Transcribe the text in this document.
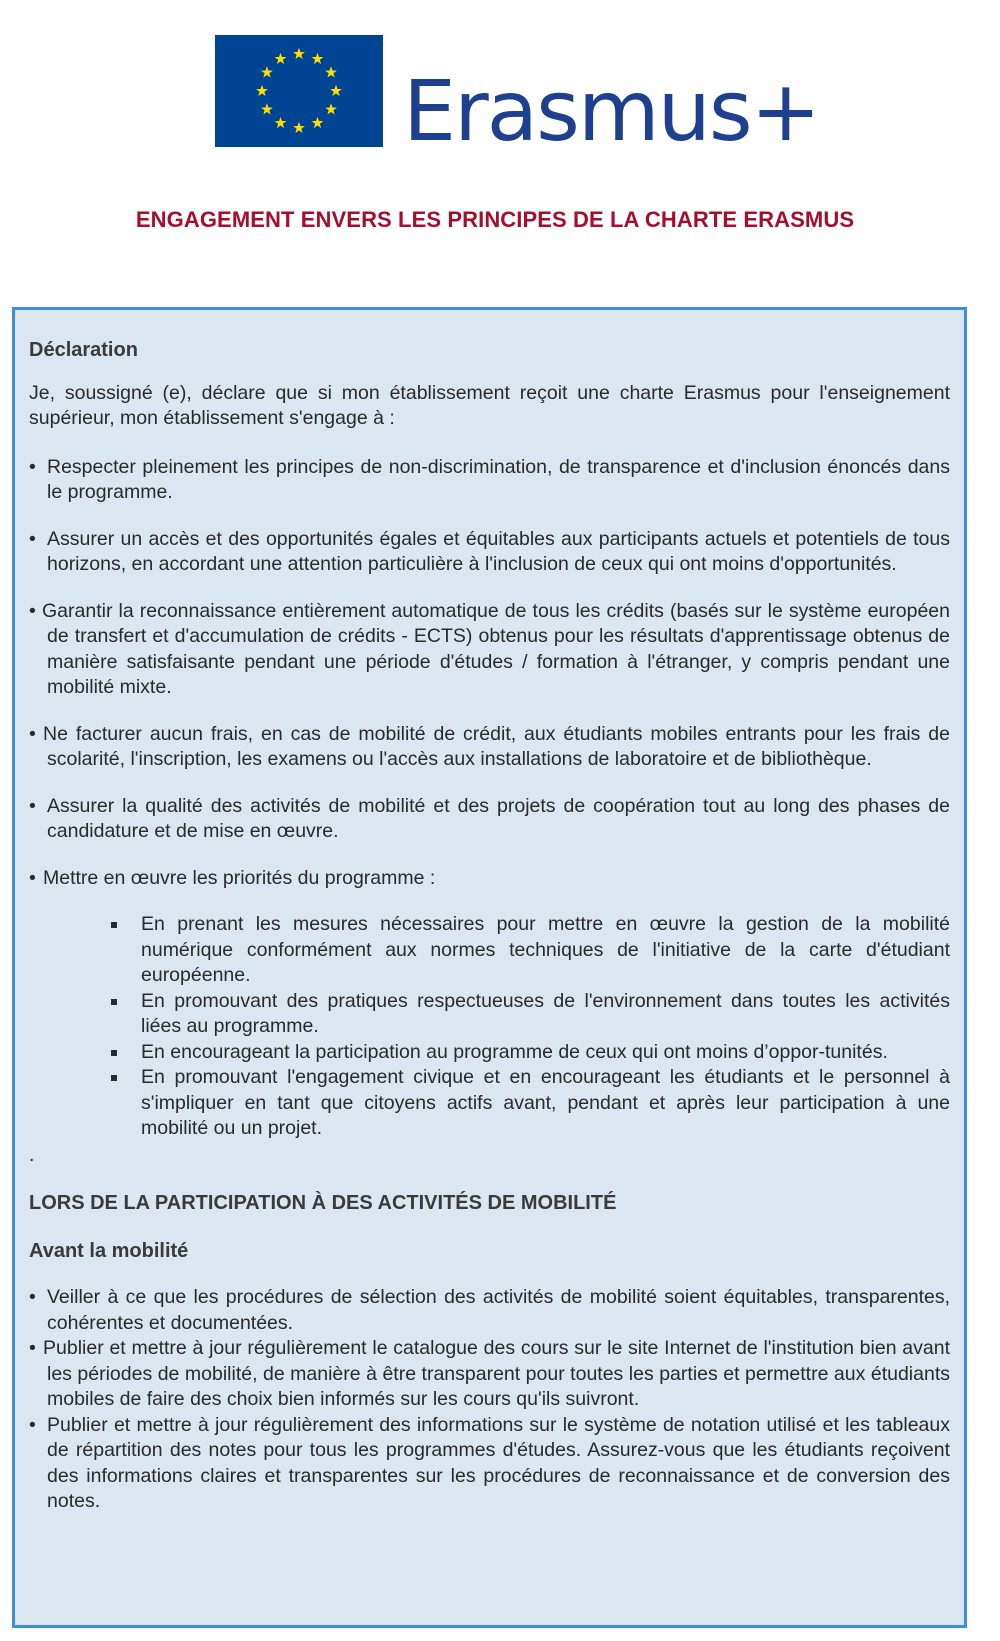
Erasmus+
ENGAGEMENT ENVERS LES PRINCIPES DE LA CHARTE ERASMUS
Déclaration
Je, soussigné (e), déclare que si mon établissement reçoit une charte Erasmus pour l'enseignement supérieur, mon établissement s'engage à :
• Respecter pleinement les principes de non-discrimination, de transparence et d'inclusion énoncés dans le programme.
• Assurer un accès et des opportunités égales et équitables aux participants actuels et potentiels de tous horizons, en accordant une attention particulière à l'inclusion de ceux qui ont moins d'opportunités.
• Garantir la reconnaissance entièrement automatique de tous les crédits (basés sur le système européen de transfert et d'accumulation de crédits - ECTS) obtenus pour les résultats d'apprentissage obtenus de manière satisfaisante pendant une période d'études / formation à l'étranger, y compris pendant une mobilité mixte.
• Ne facturer aucun frais, en cas de mobilité de crédit, aux étudiants mobiles entrants pour les frais de scolarité, l'inscription, les examens ou l'accès aux installations de laboratoire et de bibliothèque.
• Assurer la qualité des activités de mobilité et des projets de coopération tout au long des phases de candidature et de mise en œuvre.
• Mettre en œuvre les priorités du programme :
En prenant les mesures nécessaires pour mettre en œuvre la gestion de la mobilité numérique conformément aux normes techniques de l'initiative de la carte d'étudiant européenne.
En promouvant des pratiques respectueuses de l'environnement dans toutes les activités liées au programme.
En encourageant la participation au programme de ceux qui ont moins d’oppor-tunités.
En promouvant l'engagement civique et en encourageant les étudiants et le personnel à s'impliquer en tant que citoyens actifs avant, pendant et après leur participation à une mobilité ou un projet.
.
LORS DE LA PARTICIPATION À DES ACTIVITÉS DE MOBILITÉ
Avant la mobilité
• Veiller à ce que les procédures de sélection des activités de mobilité soient équitables, transparentes, cohérentes et documentées.
• Publier et mettre à jour régulièrement le catalogue des cours sur le site Internet de l'institution bien avant les périodes de mobilité, de manière à être transparent pour toutes les parties et permettre aux étudiants mobiles de faire des choix bien informés sur les cours qu'ils suivront.
• Publier et mettre à jour régulièrement des informations sur le système de notation utilisé et les tableaux de répartition des notes pour tous les programmes d'études. Assurez-vous que les étudiants reçoivent des informations claires et transparentes sur les procédures de reconnaissance et de conversion des notes.
